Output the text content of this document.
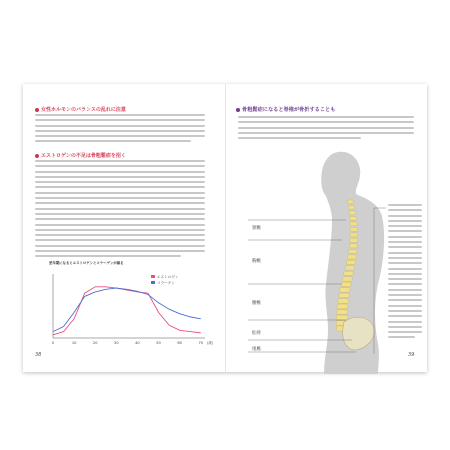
女性ホルモンのバランスの乱れに注意
エストロゲンの不足は骨粗鬆症を招く
更年期になるとエストロゲンとコラーゲンが減る
0	10	20	30	40	50	60	70 (歳)
エストロゲン
コラーゲン
38
骨粗鬆症になると脊椎が骨折することも
頸椎
胸椎
腰椎
仙骨
尾椎
39
